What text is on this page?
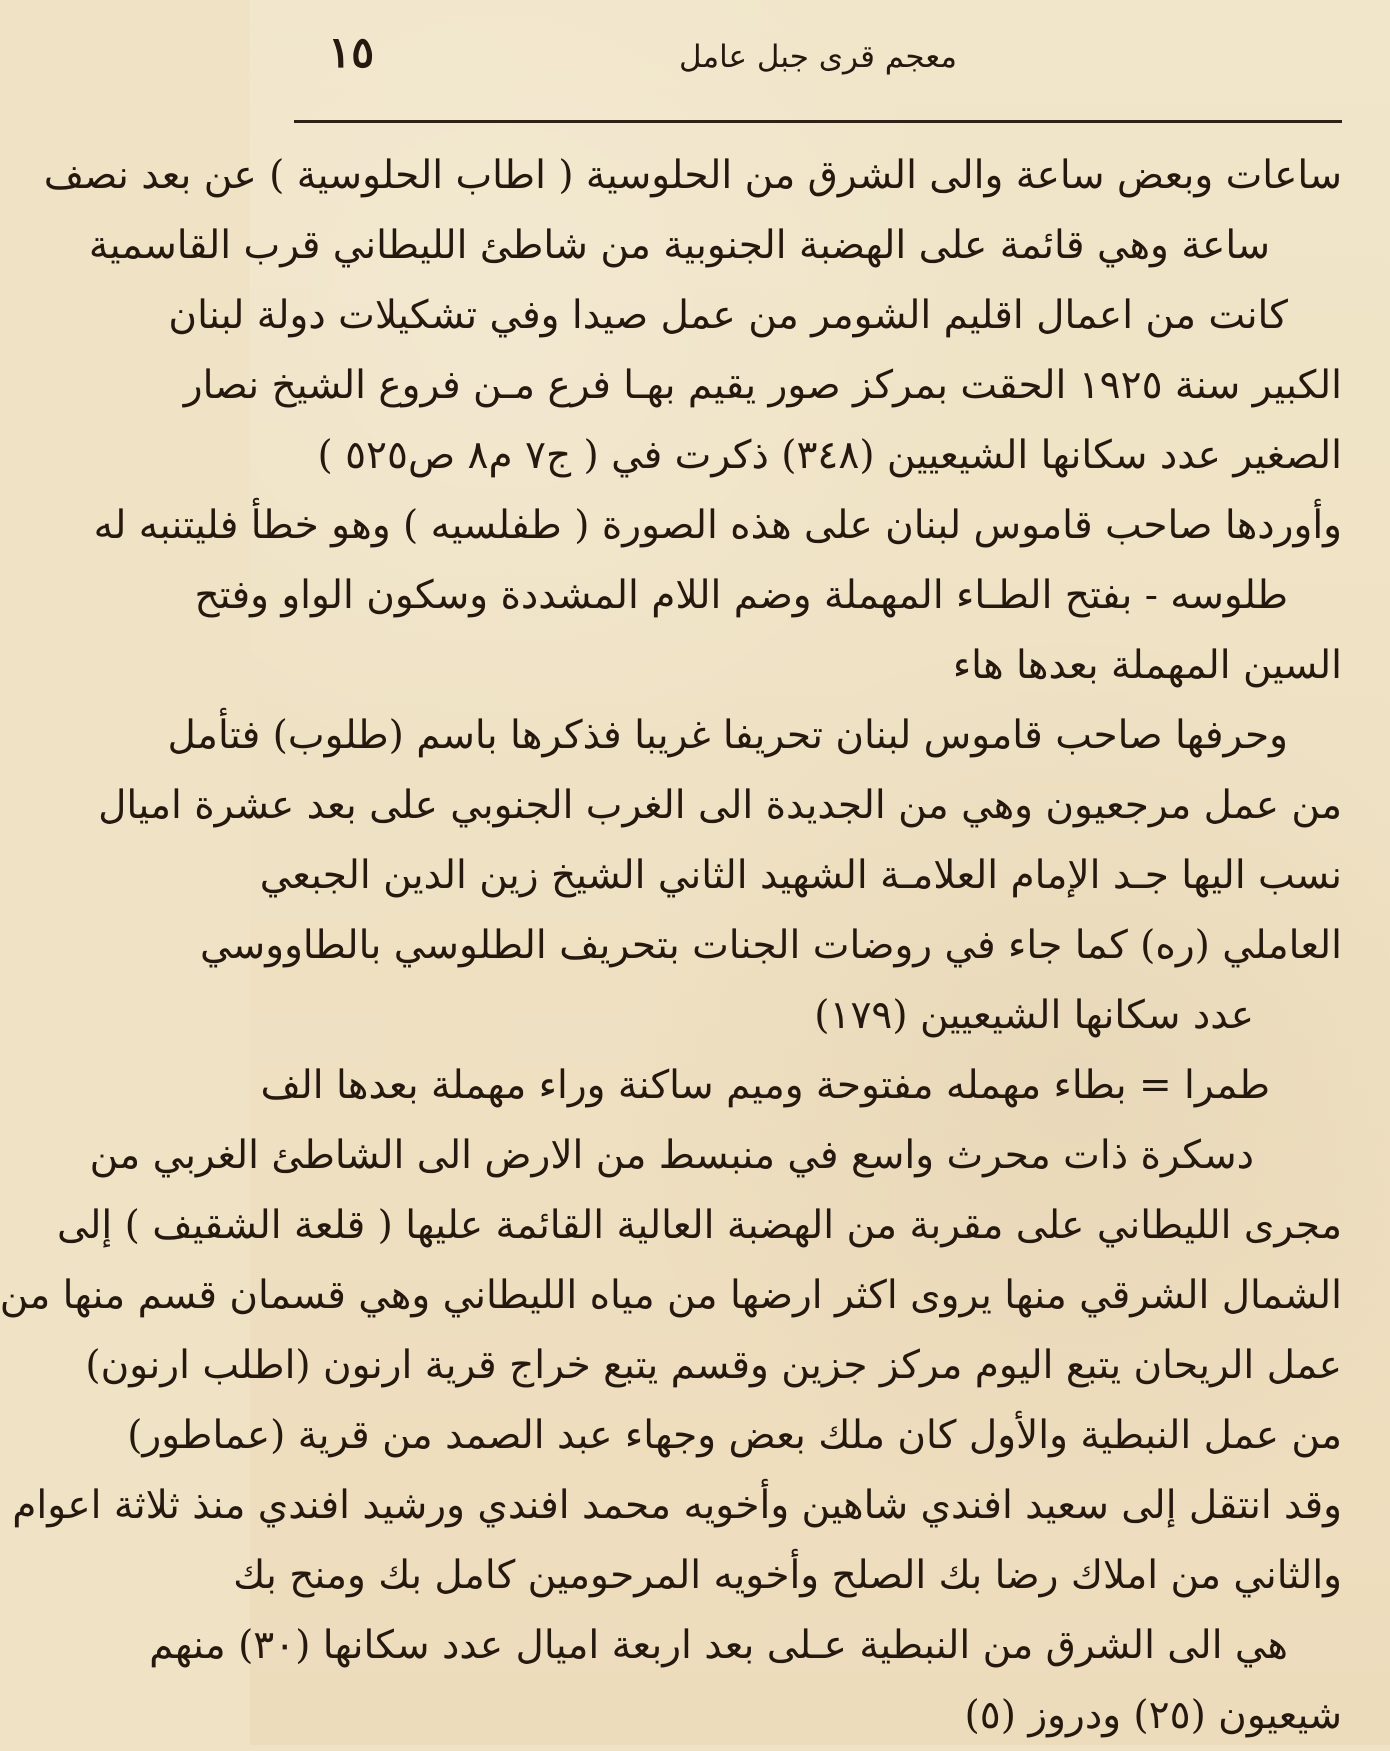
١٥	معجم قرى جبل عامل
ساعات وبعض ساعة والى الشرق من الحلوسية ( اطاب الحلوسية ) عن بعد نصف
ساعة وهي قائمة على الهضبة الجنوبية من شاطئ الليطاني قرب القاسمية
كانت من اعمال اقليم الشومر من عمل صيدا وفي تشكيلات دولة لبنان
الكبير سنة ١٩٢٥ الحقت بمركز صور يقيم بهـا فرع مـن فروع الشيخ نصار
الصغير عدد سكانها الشيعيين (٣٤٨) ذكرت في ( ج٧ م٨ ص٥٢٥ )
وأوردها صاحب قاموس لبنان على هذه الصورة ( طفلسيه ) وهو خطأ فليتنبه له
طلوسه - بفتح الطـاء المهملة وضم اللام المشددة وسكون الواو وفتح
السين المهملة بعدها هاء
وحرفها صاحب قاموس لبنان تحريفا غريبا فذكرها باسم (طلوب) فتأمل
من عمل مرجعيون وهي من الجديدة الى الغرب الجنوبي على بعد عشرة اميال
نسب اليها جـد الإمام العلامـة الشهيد الثاني الشيخ زين الدين الجبعي
العاملي (ره) كما جاء في روضات الجنات بتحريف الطلوسي بالطاووسي
عدد سكانها الشيعيين (١٧٩)
طمرا = بطاء مهمله مفتوحة وميم ساكنة وراء مهملة بعدها الف
دسكرة ذات محرث واسع في منبسط من الارض الى الشاطئ الغربي من
مجرى الليطاني على مقربة من الهضبة العالية القائمة عليها ( قلعة الشقيف ) إلى
الشمال الشرقي منها يروى اكثر ارضها من مياه الليطاني وهي قسمان قسم منها من
عمل الريحان يتبع اليوم مركز جزين وقسم يتبع خراج قرية ارنون (اطلب ارنون)
من عمل النبطية والأول كان ملك بعض وجهاء عبد الصمد من قرية (عماطور)
وقد انتقل إلى سعيد افندي شاهين وأخويه محمد افندي ورشيد افندي منذ ثلاثة اعوام
والثاني من املاك رضا بك الصلح وأخويه المرحومين كامل بك ومنح بك
هي الى الشرق من النبطية عـلى بعد اربعة اميال عدد سكانها (٣٠) منهم
شيعيون (٢٥) ودروز (٥)
